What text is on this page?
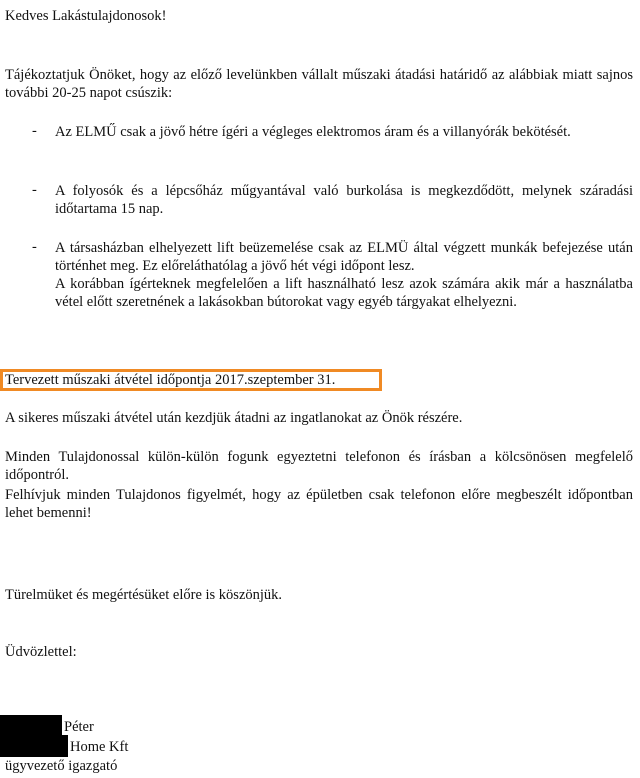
Kedves Lakástulajdonosok!
Tájékoztatjuk Önöket, hogy az előző levelünkben vállalt műszaki átadási határidő az alábbiak miatt sajnos további 20-25 napot csúszik:
- Az ELMŰ csak a jövő hétre ígéri a végleges elektromos áram és a villanyórák bekötését.
- A folyosók és a lépcsőház műgyantával való burkolása is megkezdődött, melynek száradási időtartama 15 nap.
- A társasházban elhelyezett lift beüzemelése csak az ELMÜ által végzett munkák befejezése után történhet meg. Ez előreláthatólag a jövő hét végi időpont lesz.
A korábban ígérteknek megfelelően a lift használható lesz azok számára akik már a használatba vétel előtt szeretnének a lakásokban bútorokat vagy egyéb tárgyakat elhelyezni.
Tervezett műszaki átvétel időpontja 2017.szeptember 31.
A sikeres műszaki átvétel után kezdjük átadni az ingatlanokat az Önök részére.
Minden Tulajdonossal külön-külön fogunk egyeztetni telefonon és írásban a kölcsönösen megfelelő időpontról.
Felhívjuk minden Tulajdonos figyelmét, hogy az épületben csak telefonon előre megbeszélt időpontban lehet bemenni!
Türelmüket és megértésüket előre is köszönjük.
Üdvözlettel:
Péter
Home Kft
ügyvezető igazgató
